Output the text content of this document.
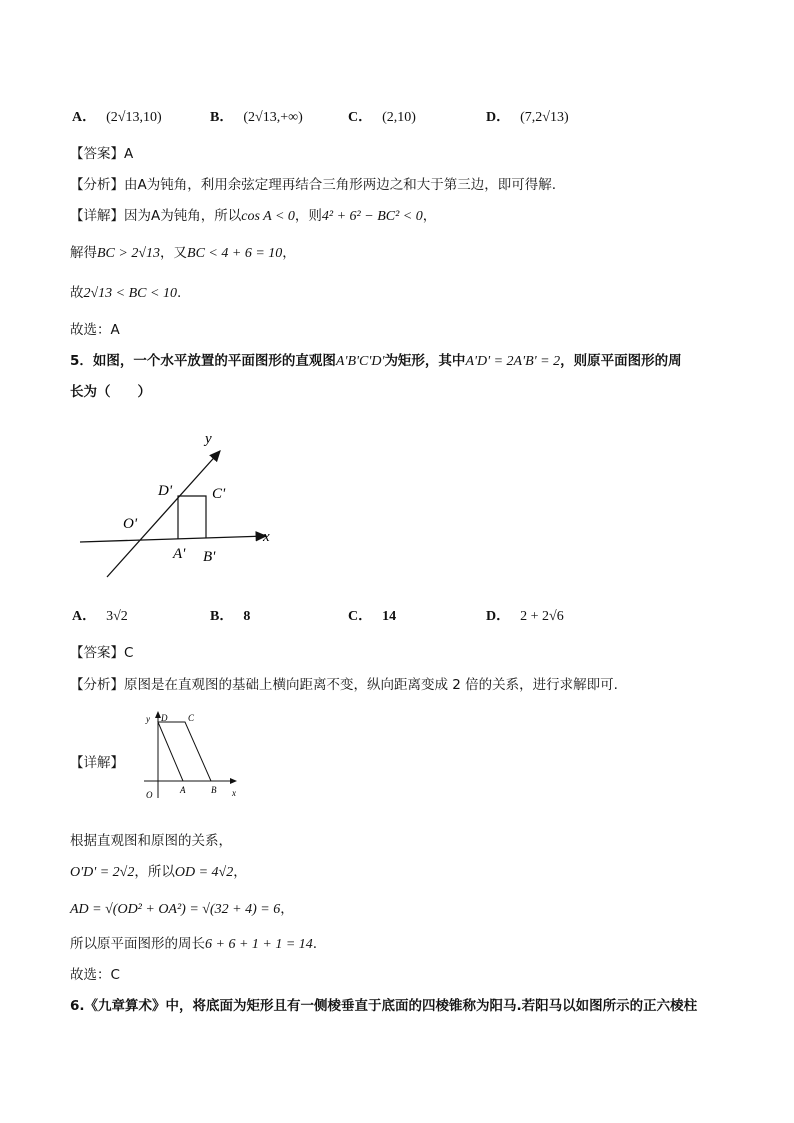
A． (2√13,10)	B． (2√13,+∞)	C． (2,10)	D． (7,2√13)
【答案】A
【分析】由A为钝角，利用余弦定理再结合三角形两边之和大于第三边，即可得解.
【详解】因为A为钝角，所以cos A < 0，则4² + 6² − BC² < 0，
解得BC > 2√13，又BC < 4 + 6 = 10，
故2√13 < BC < 10.
故选：A
5．如图，一个水平放置的平面图形的直观图A'B'C'D'为矩形，其中A'D' = 2A'B' = 2，则原平面图形的周
长为（　　）
y
x
O'
D'	C'
A' B'
A． 3√2	B． 8	C． 14	D． 2 + 2√6
【答案】C
【分析】原图是在直观图的基础上横向距离不变，纵向距离变成 2 倍的关系，进行求解即可.
【详解】
y D C
O	A	B x
根据直观图和原图的关系，
O'D' = 2√2，所以OD = 4√2，
AD = √(OD² + OA²) = √(32 + 4) = 6，
所以原平面图形的周长6 + 6 + 1 + 1 = 14.
故选：C
6.《九章算术》中，将底面为矩形且有一侧棱垂直于底面的四棱锥称为阳马.若阳马以如图所示的正六棱柱
